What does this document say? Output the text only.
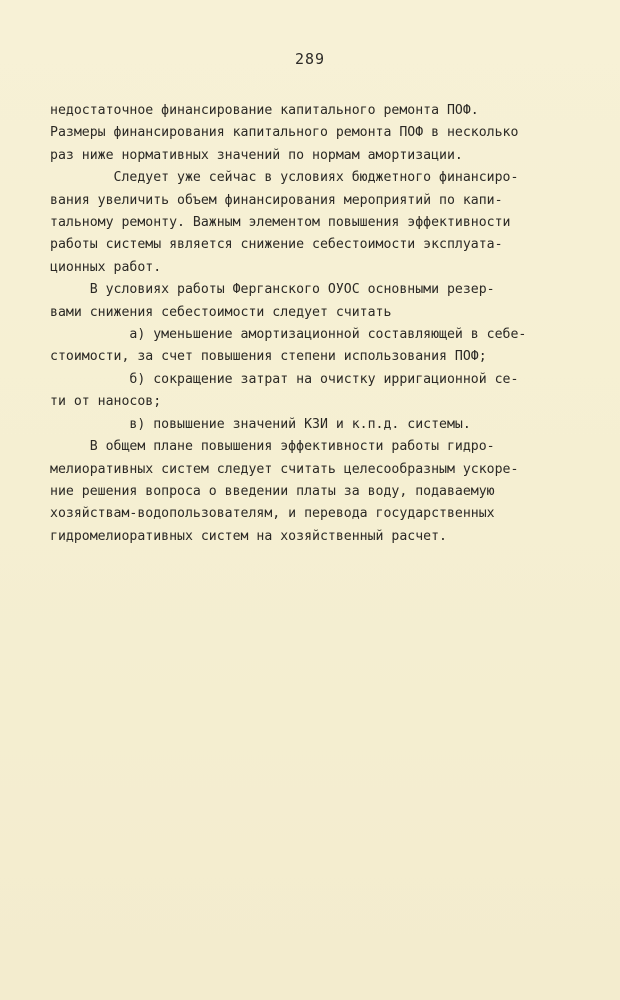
289
недостаточное финансирование капитального ремонта ПОФ.
Размеры финансирования капитального ремонта ПОФ в несколько
раз ниже нормативных значений по нормам амортизации.
Следует уже сейчас в условиях бюджетного финансиро-
вания увеличить объем финансирования мероприятий по капи-
тальному ремонту. Важным элементом повышения эффективности
работы системы является снижение себестоимости эксплуата-
ционных работ.
В условиях работы Ферганского ОУОС основными резер-
вами снижения себестоимости следует считать
а) уменьшение амортизационной составляющей в себе-
стоимости, за счет повышения степени использования ПОФ;
б) сокращение затрат на очистку ирригационной се-
ти от наносов;
в) повышение значений КЗИ и к.п.д. системы.
В общем плане повышения эффективности работы гидро-
мелиоративных систем следует считать целесообразным ускоре-
ние решения вопроса о введении платы за воду, подаваемую
хозяйствам-водопользователям, и перевода государственных
гидромелиоративных систем на хозяйственный расчет.
